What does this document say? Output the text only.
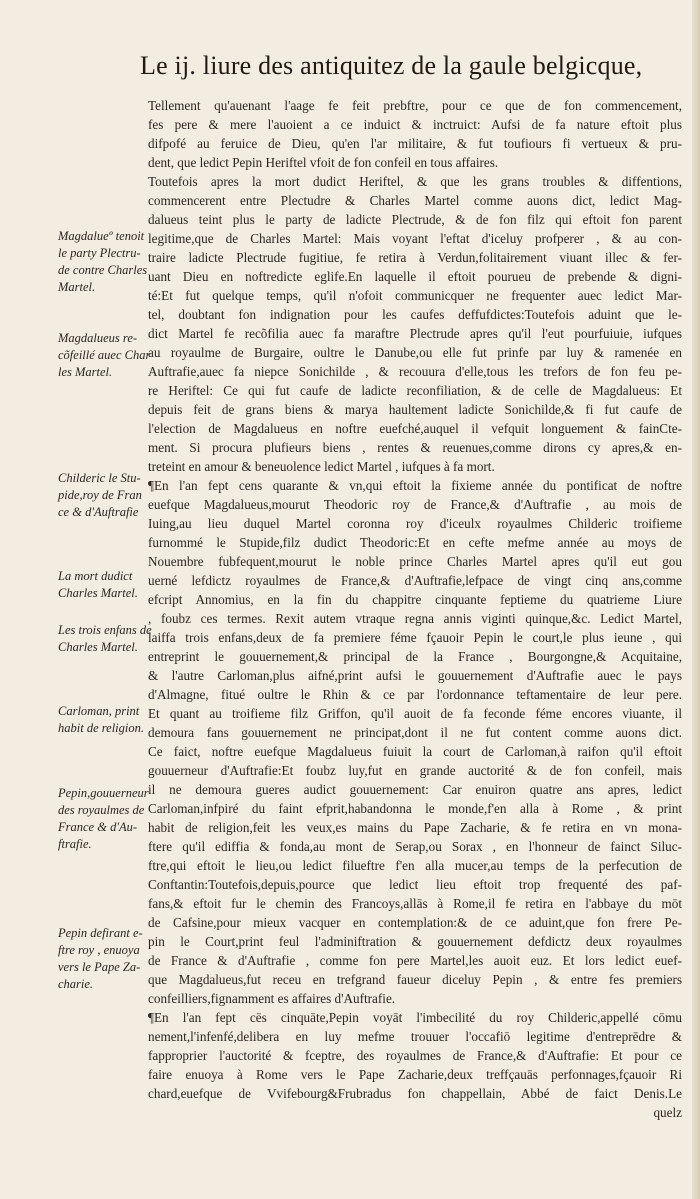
Le ij. liure des antiquitez de la gaule belgicque,
Tellement qu'auenant l'aage fe feit prebftre, pour ce que de fon commencement,
fes pere & mere l'auoient a ce induict & inctruict: Aufsi de fa nature eftoit plus
difpofé au feruice de Dieu, qu'en l'ar militaire, & fut toufiours fi vertueux & pru-
dent, que ledict Pepin Heriftel vfoit de fon confeil en tous affaires.
Toutefois apres la mort dudict Heriftel, & que les grans troubles & diffentions,
commencerent entre Plectudre & Charles Martel comme auons dict, ledict Mag-
dalueus teint plus le party de ladicte Plectrude, & de fon filz qui eftoit fon parent
legitime,que de Charles Martel: Mais voyant l'eftat d'iceluy profperer , & au con-
traire ladicte Plectrude fugitiue, fe retira à Verdun,folitairement viuant illec & fer-
uant Dieu en noftredicte eglife.En laquelle il eftoit pourueu de prebende & digni-
té:Et fut quelque temps, qu'il n'ofoit communicquer ne frequenter auec ledict Mar-
tel, doubtant fon indignation pour les caufes deffufdictes:Toutefois aduint que le-
dict Martel fe recõfilia auec fa maraftre Plectrude apres qu'il l'eut pourfuiuie, iufques
au royaulme de Burgaire, oultre le Danube,ou elle fut prinfe par luy & ramenée en
Auftrafie,auec fa niepce Sonichilde , & recouura d'elle,tous les trefors de fon feu pe-
re Heriftel: Ce qui fut caufe de ladicte reconfiliation, & de celle de Magdalueus: Et
depuis feit de grans biens & marya haultement ladicte Sonichilde,& fi fut caufe de
l'election de Magdalueus en noftre euefché,auquel il vefquit longuement & fainCte-
ment. Si procura plufieurs biens , rentes & reuenues,comme dirons cy apres,& en-
treteint en amour & beneuolence ledict Martel , iufques à fa mort.
¶En l'an fept cens quarante & vn,qui eftoit la fixieme année du pontificat de noftre
euefque Magdalueus,mourut Theodoric roy de France,& d'Auftrafie , au mois de
Iuing,au lieu duquel Martel coronna roy d'iceulx royaulmes Childeric troifieme
furnommé le Stupide,filz dudict Theodoric:Et en cefte mefme année au moys de
Nouembre fubfequent,mourut le noble prince Charles Martel apres qu'il eut gou
uerné lefdictz royaulmes de France,& d'Auftrafie,lefpace de vingt cinq ans,comme
efcript Annomius, en la fin du chappitre cinquante feptieme du quatrieme Liure
, foubz ces termes. Rexit autem vtraque regna annis viginti quinque,&c. Ledict Martel,
laiffa trois enfans,deux de fa premiere féme fçauoir Pepin le court,le plus ieune , qui
entreprint le gouuernement,& principal de la France , Bourgongne,& Acquitaine,
& l'autre Carloman,plus aifné,print aufsi le gouuernement d'Auftrafie auec le pays
d'Almagne, fitué oultre le Rhin & ce par l'ordonnance teftamentaire de leur pere.
Et quant au troifieme filz Griffon, qu'il auoit de fa feconde féme encores viuante, il
demoura fans gouuernement ne principat,dont il ne fut content comme auons dict.
Ce faict, noftre euefque Magdalueus fuiuit la court de Carloman,à raifon qu'il eftoit
gouuerneur d'Auftrafie:Et foubz luy,fut en grande auctorité & de fon confeil, mais
il ne demoura gueres audict gouuernement: Car enuiron quatre ans apres, ledict
Carloman,infpiré du faint efprit,habandonna le monde,f'en alla à Rome , & print
habit de religion,feit les veux,es mains du Pape Zacharie, & fe retira en vn mona-
ftere qu'il ediffia & fonda,au mont de Serap,ou Sorax , en l'honneur de fainct Siluc-
ftre,qui eftoit le lieu,ou ledict filueftre f'en alla mucer,au temps de la perfecution de
Conftantin:Toutefois,depuis,pource que ledict lieu eftoit trop frequenté des paf-
fans,& eftoit fur le chemin des Francoys,allās à Rome,il fe retira en l'abbaye du mōt
de Cafsine,pour mieux vacquer en contemplation:& de ce aduint,que fon frere Pe-
pin le Court,print feul l'adminiftration & gouuernement defdictz deux royaulmes
de France & d'Auftrafie , comme fon pere Martel,les auoit euz. Et lors ledict euef-
que Magdalueus,fut receu en trefgrand faueur diceluy Pepin , & entre fes premiers
confeilliers,fignamment es affaires d'Auftrafie.
¶En l'an fept cēs cinquāte,Pepin voyāt l'imbecilité du roy Childeric,appellé cōmu
nement,l'infenfé,delibera en luy mefme trouuer l'occafiō legitime d'entreprēdre &
fapproprier l'auctorité & fceptre, des royaulmes de France,& d'Auftrafie: Et pour ce
faire enuoya à Rome vers le Pape Zacharie,deux treffçauās perfonnages,fçauoir Ri
chard,euefque de Vvifebourg&Frubradus fon chappellain, Abbé de faict Denis.Le
quelz
Magdalueº tenoit
le party Plectru-
de contre Charles
Martel.
Magdalueus re-
cõfeillé auec Char
les Martel.
Childeric le Stu-
pide,roy de Fran
ce & d'Auftrafie
La mort dudict
Charles Martel.
Les trois enfans de
Charles Martel.
Carloman, print
habit de religion.
Pepin,gouuerneur
des royaulmes de
France & d'Au-
ftrafie.
Pepin defirant e-
ftre roy , enuoya
vers le Pape Za-
charie.
